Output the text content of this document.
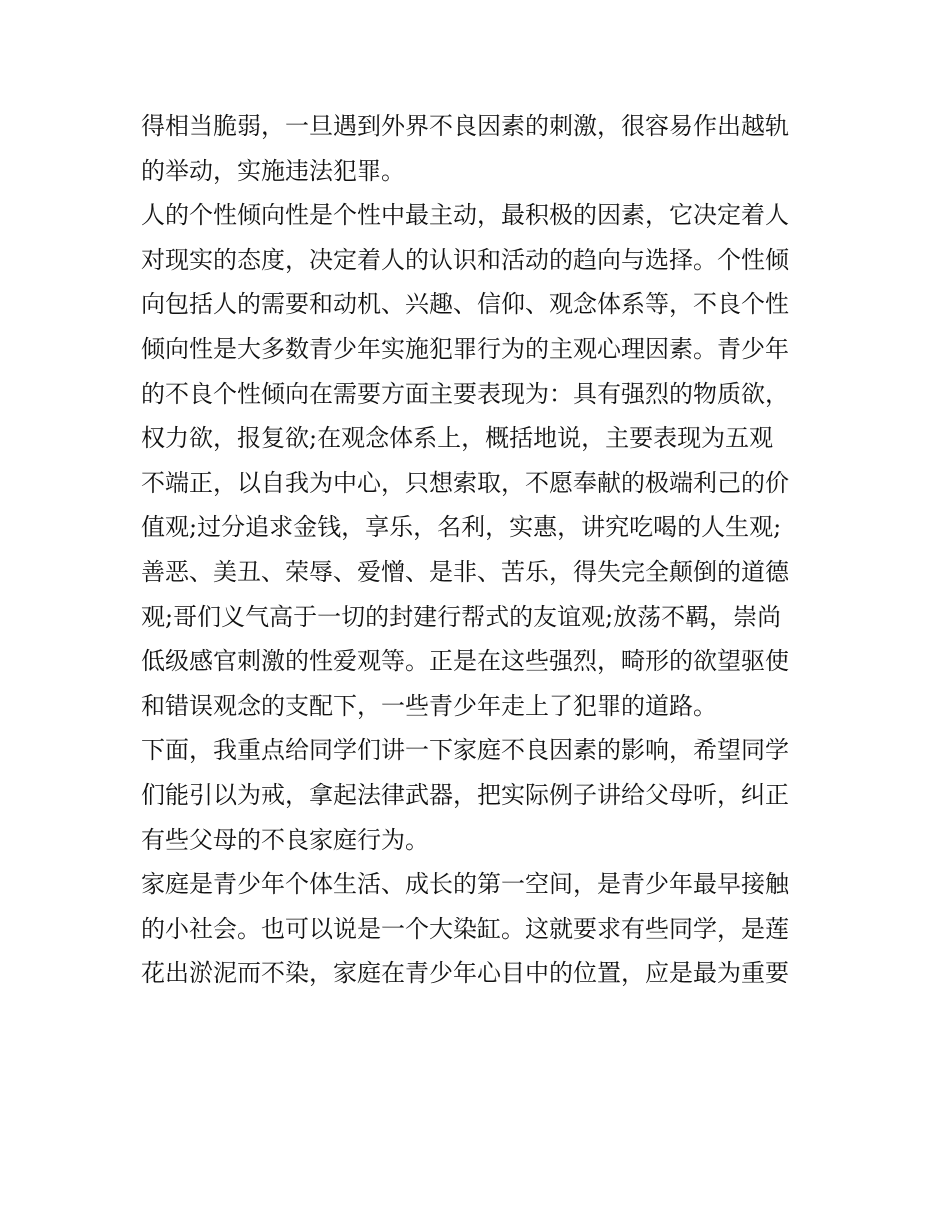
得相当脆弱，一旦遇到外界不良因素的刺激，很容易作出越轨
的举动，实施违法犯罪。
人的个性倾向性是个性中最主动，最积极的因素，它决定着人
对现实的态度，决定着人的认识和活动的趋向与选择。个性倾
向包括人的需要和动机、兴趣、信仰、观念体系等，不良个性
倾向性是大多数青少年实施犯罪行为的主观心理因素。青少年
的不良个性倾向在需要方面主要表现为：具有强烈的物质欲，
权力欲，报复欲;在观念体系上，概括地说，主要表现为五观
不端正，以自我为中心，只想索取，不愿奉献的极端利己的价
值观;过分追求金钱，享乐，名利，实惠，讲究吃喝的人生观;
善恶、美丑、荣辱、爱憎、是非、苦乐，得失完全颠倒的道德
观;哥们义气高于一切的封建行帮式的友谊观;放荡不羁，崇尚
低级感官刺激的性爱观等。正是在这些强烈，畸形的欲望驱使
和错误观念的支配下，一些青少年走上了犯罪的道路。
下面，我重点给同学们讲一下家庭不良因素的影响，希望同学
们能引以为戒，拿起法律武器，把实际例子讲给父母听，纠正
有些父母的不良家庭行为。
家庭是青少年个体生活、成长的第一空间，是青少年最早接触
的小社会。也可以说是一个大染缸。这就要求有些同学，是莲
花出淤泥而不染，家庭在青少年心目中的位置，应是最为重要
